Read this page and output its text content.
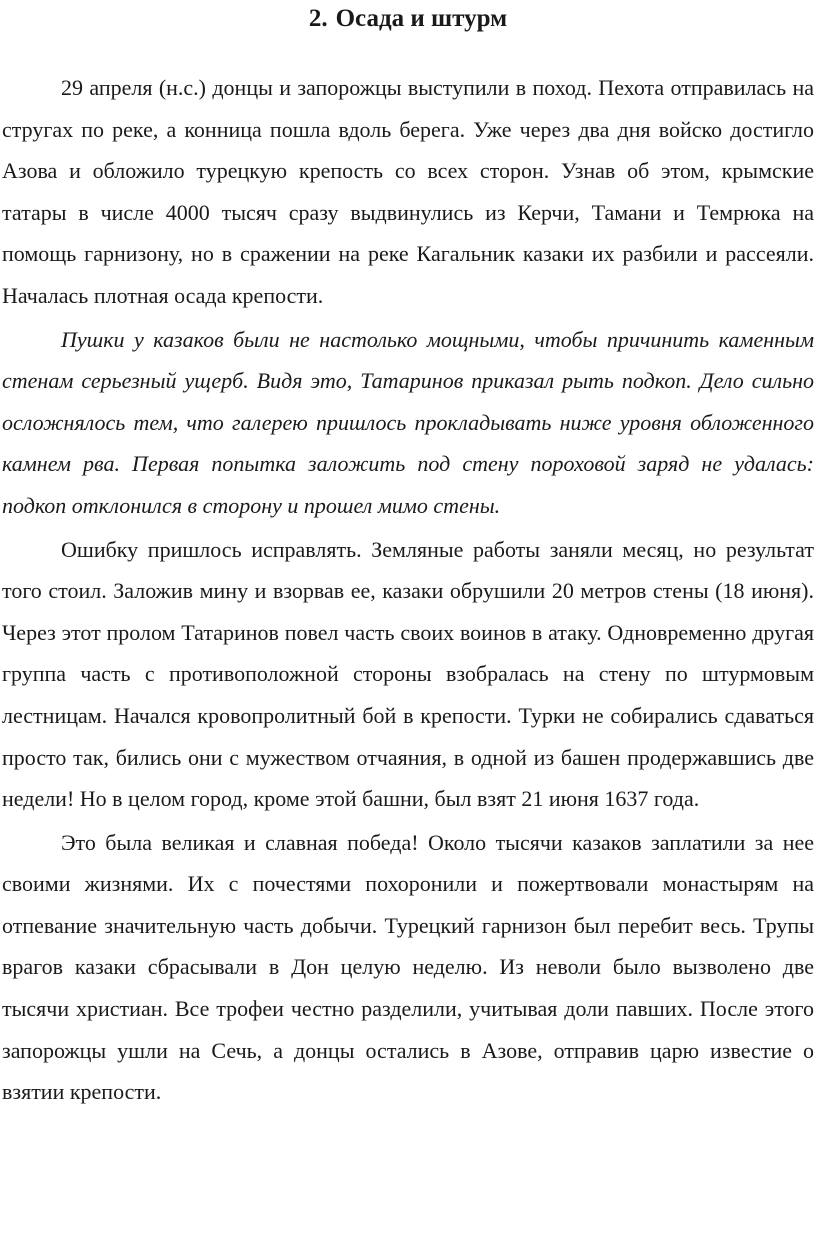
2. Осада и штурм

29 апреля (н.с.) донцы и запорожцы выступили в поход. Пехота отправилась на стругах по реке, а конница пошла вдоль берега. Уже через два дня войско достигло Азова и обложило турецкую крепость со всех сторон. Узнав об этом, крымские татары в числе 4000 тысяч сразу выдвинулись из Керчи, Тамани и Темрюка на помощь гарнизону, но в сражении на реке Кагальник казаки их разбили и рассеяли. Началась плотная осада крепости.

Пушки у казаков были не настолько мощными, чтобы причинить каменным стенам серьезный ущерб. Видя это, Татаринов приказал рыть подкоп. Дело сильно осложнялось тем, что галерею пришлось прокладывать ниже уровня обложенного камнем рва. Первая попытка заложить под стену пороховой заряд не удалась: подкоп отклонился в сторону и прошел мимо стены.

Ошибку пришлось исправлять. Земляные работы заняли месяц, но результат того стоил. Заложив мину и взорвав ее, казаки обрушили 20 метров стены (18 июня). Через этот пролом Татаринов повел часть своих воинов в атаку. Одновременно другая группа часть с противоположной стороны взобралась на стену по штурмовым лестницам. Начался кровопролитный бой в крепости. Турки не собирались сдаваться просто так, бились они с мужеством отчаяния, в одной из башен продержавшись две недели! Но в целом город, кроме этой башни, был взят 21 июня 1637 года.

Это была великая и славная победа! Около тысячи казаков заплатили за нее своими жизнями. Их с почестями похоронили и пожертвовали монастырям на отпевание значительную часть добычи. Турецкий гарнизон был перебит весь. Трупы врагов казаки сбрасывали в Дон целую неделю. Из неволи было вызволено две тысячи христиан. Все трофеи честно разделили, учитывая доли павших. После этого запорожцы ушли на Сечь, а донцы остались в Азове, отправив царю известие о взятии крепости.
